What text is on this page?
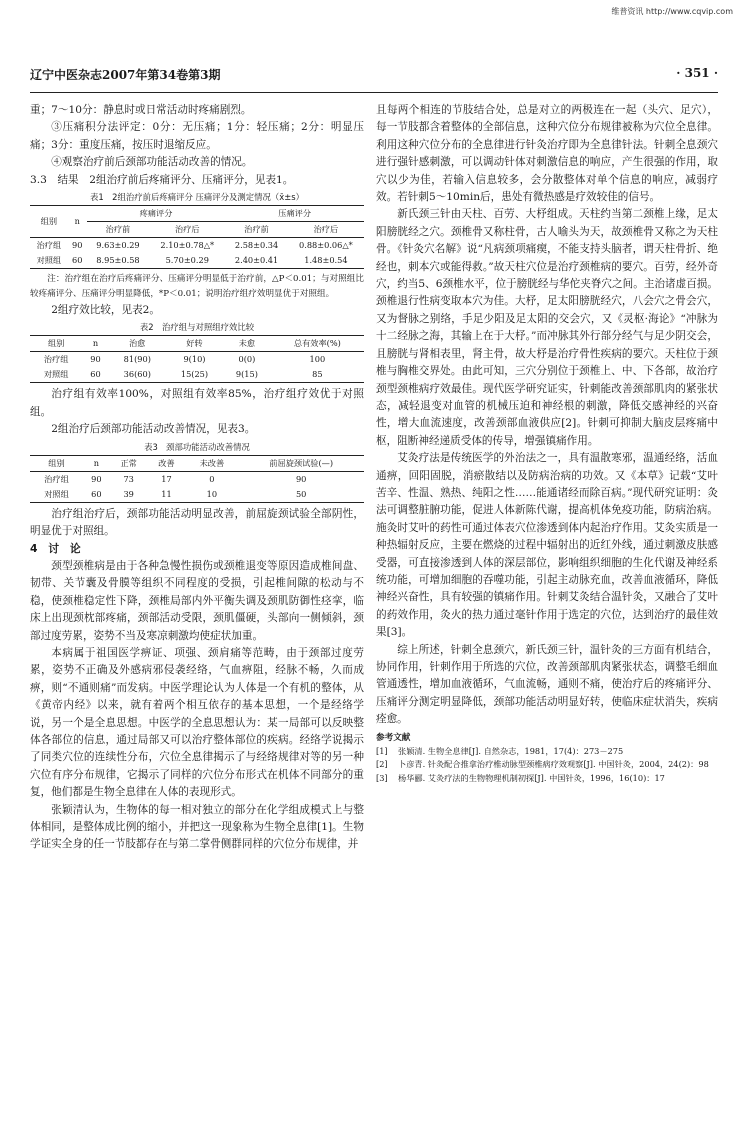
维普资讯 http://www.cqvip.com
辽宁中医杂志2007年第34卷第3期	· 351 ·

重；7～10分：静息时或日常活动时疼痛剧烈。

③压痛积分法评定：0分：无压痛；1分：轻压痛；2分：明显压痛；3分：重度压痛，按压时退缩反应。

④观察治疗前后颈部功能活动改善的情况。

3.3　结果　2组治疗前后疼痛评分、压痛评分，见表1。

表1　2组治疗前后疼痛评分 压痛评分及测定情况（x̄±s）
组别	n	疼痛评分		压痛评分	
		治疗前	治疗后	治疗前	治疗后
治疗组	90	9.63±0.29	2.10±0.78△*	2.58±0.34	0.88±0.06△*
对照组	60	8.95±0.58	5.70±0.29	2.40±0.41	1.48±0.54

注：治疗组在治疗后疼痛评分、压痛评分明显低于治疗前，△P＜0.01；与对照组比较疼痛评分、压痛评分明显降低，*P＜0.01；说明治疗组疗效明显优于对照组。

2组疗效比较，见表2。

表2　治疗组与对照组疗效比较
组别	n	治愈	好转	未愈	总有效率(%)
治疗组	90	81(90)	9(10)	0(0)	100
对照组	60	36(60)	15(25)	9(15)	85

治疗组有效率100%，对照组有效率85%，治疗组疗效优于对照组。

2组治疗后颈部功能活动改善情况，见表3。

表3　颈部功能活动改善情况
组别	n	正常	改善	未改善	前屈旋颈试验(—)
治疗组	90	73	17	0	90
对照组	60	39	11	10	50

治疗组治疗后，颈部功能活动明显改善，前屈旋颈试验全部阴性，明显优于对照组。

4　讨　论

颈型颈椎病是由于各种急慢性损伤或颈椎退变等原因造成椎间盘、韧带、关节囊及骨膜等组织不同程度的受损，引起椎间隙的松动与不稳，使颈椎稳定性下降，颈椎局部内外平衡失调及颈肌防御性痉挛，临床上出现颈枕部疼痛，颈部活动受限，颈肌僵硬，头部向一侧倾斜，颈部过度劳累，姿势不当及寒凉刺激均使症状加重。

本病属于祖国医学痹证、项强、颈肩痛等范畴，由于颈部过度劳累，姿势不正确及外感病邪侵袭经络，气血痹阻，经脉不畅，久而成痹，则“不通则痛”而发病。中医学理论认为人体是一个有机的整体，从《黄帝内经》以来，就有着两个相互依存的基本思想，一个是经络学说，另一个是全息思想。中医学的全息思想认为：某一局部可以反映整体各部位的信息，通过局部又可以治疗整体部位的疾病。经络学说揭示了同类穴位的连续性分布，穴位全息律揭示了与经络规律对等的另一种穴位有序分布规律，它揭示了同样的穴位分布形式在机体不同部分的重复，他们都是生物全息律在人体的表现形式。

张颖清认为，生物体的每一相对独立的部分在化学组成模式上与整体相同，是整体成比例的缩小，并把这一现象称为生物全息律[1]。生物学证实全身的任一节肢都存在与第二掌骨侧群同样的穴位分布规律，并

且每两个相连的节肢结合处，总是对立的两极连在一起（头穴、足穴），每一节肢都含着整体的全部信息，这种穴位分布规律被称为穴位全息律。利用这种穴位分布的全息律进行针灸治疗即为全息律针法。针刺全息颈穴进行强针感刺激，可以调动针体对刺激信息的响应，产生很强的作用，取穴以少为佳，若输入信息较多，会分散整体对单个信息的响应，减弱疗效。若针刺5～10min后，患处有微热感是疗效较佳的信号。

新氏颈三针由天柱、百劳、大杼组成。天柱约当第二颈椎上缘，足太阳膀胱经之穴。颈椎骨又称柱骨，古人喻头为天，故颈椎骨又称之为天柱骨。《针灸穴名解》说“凡病颈项痛瘈，不能支持头脑者，谓天柱骨折、绝经也，刺本穴或能得救。”故天柱穴位是治疗颈椎病的要穴。百劳，经外奇穴，约当5、6颈椎水平，位于膀胱经与华佗夹脊穴之间。主治诸虚百损。颈椎退行性病变取本穴为佳。大杼，足太阳膀胱经穴，八会穴之骨会穴，又为督脉之别络，手足少阳及足太阳的交会穴，又《灵枢·海论》“冲脉为十二经脉之海，其输上在于大杼。”而冲脉其外行部分经气与足少阴交会，且膀胱与肾相表里，肾主骨，故大杼是治疗骨性疾病的要穴。天柱位于颈椎与胸椎交界处。由此可知，三穴分别位于颈椎上、中、下各部，故治疗颈型颈椎病疗效最佳。现代医学研究证实，针刺能改善颈部肌肉的紧张状态，减轻退变对血管的机械压迫和神经根的刺激，降低交感神经的兴奋性，增大血流速度，改善颈部血液供应[2]。针刺可抑制大脑皮层疼痛中枢，阻断神经递质受体的传导，增强镇痛作用。

艾灸疗法是传统医学的外治法之一，具有温散寒邪，温通经络，活血通痹，回阳固脱，消瘀散结以及防病治病的功效。又《本草》记载“艾叶苦辛、性温、熟热、纯阳之性……能通诸经而除百病。”现代研究证明：灸法可调整脏腑功能，促进人体新陈代谢，提高机体免疫功能，防病治病。施灸时艾叶的药性可通过体表穴位渗透到体内起治疗作用。艾灸实质是一种热辐射反应，主要在燃烧的过程中辐射出的近红外线，通过刺激皮肤感受器，可直接渗透到人体的深层部位，影响组织细胞的生化代谢及神经系统功能，可增加细胞的吞噬功能，引起主动脉充血，改善血液循环，降低神经兴奋性，具有较强的镇痛作用。针刺艾灸结合温针灸，又融合了艾叶的药效作用，灸火的热力通过毫针作用于选定的穴位，达到治疗的最佳效果[3]。

综上所述，针刺全息颈穴，新氏颈三针，温针灸的三方面有机结合，协同作用，针刺作用于所选的穴位，改善颈部肌肉紧张状态，调整毛细血管通透性，增加血液循环，气血流畅，通则不痛，使治疗后的疼痛评分、压痛评分测定明显降低，颈部功能活动明显好转，使临床症状消失，疾病痊愈。

参考文献
[1]	张颖清. 生物全息律[J]. 自然杂志，1981，17(4)：273－275
[2]	卜彦青. 针灸配合推拿治疗椎动脉型颈椎病疗效观察[J]. 中国针灸，2004，24(2)：98
[3]	杨华郦. 艾灸疗法的生物物理机制初探[J]. 中国针灸，1996，16(10)：17
